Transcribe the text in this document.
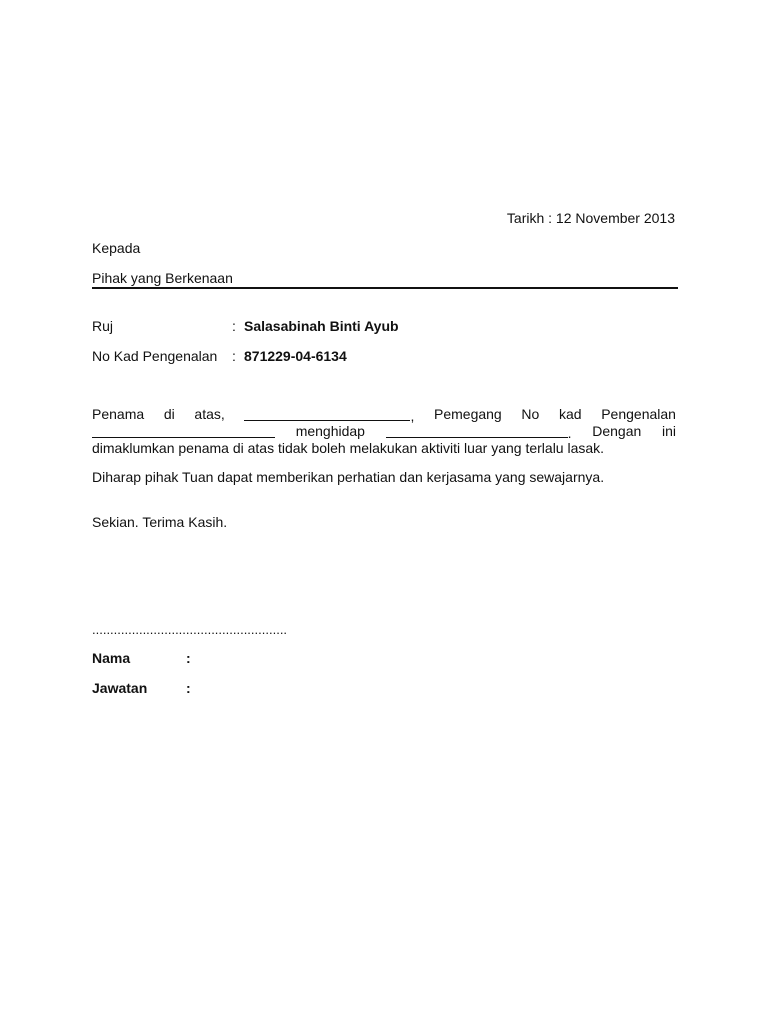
Tarikh : 12 November 2013
Kepada
Pihak yang Berkenaan
Ruj	: Salasabinah Binti Ayub
No Kad Pengenalan : 871229-04-6134
Penama di atas,	, Pemegang No kad Pengenalan
menghidap	. Dengan ini
dimaklumkan penama di atas tidak boleh melakukan aktiviti luar yang terlalu lasak.
Diharap pihak Tuan dapat memberikan perhatian dan kerjasama yang sewajarnya.
Sekian. Terima Kasih.
......................................................
Nama	:
Jawatan	:
